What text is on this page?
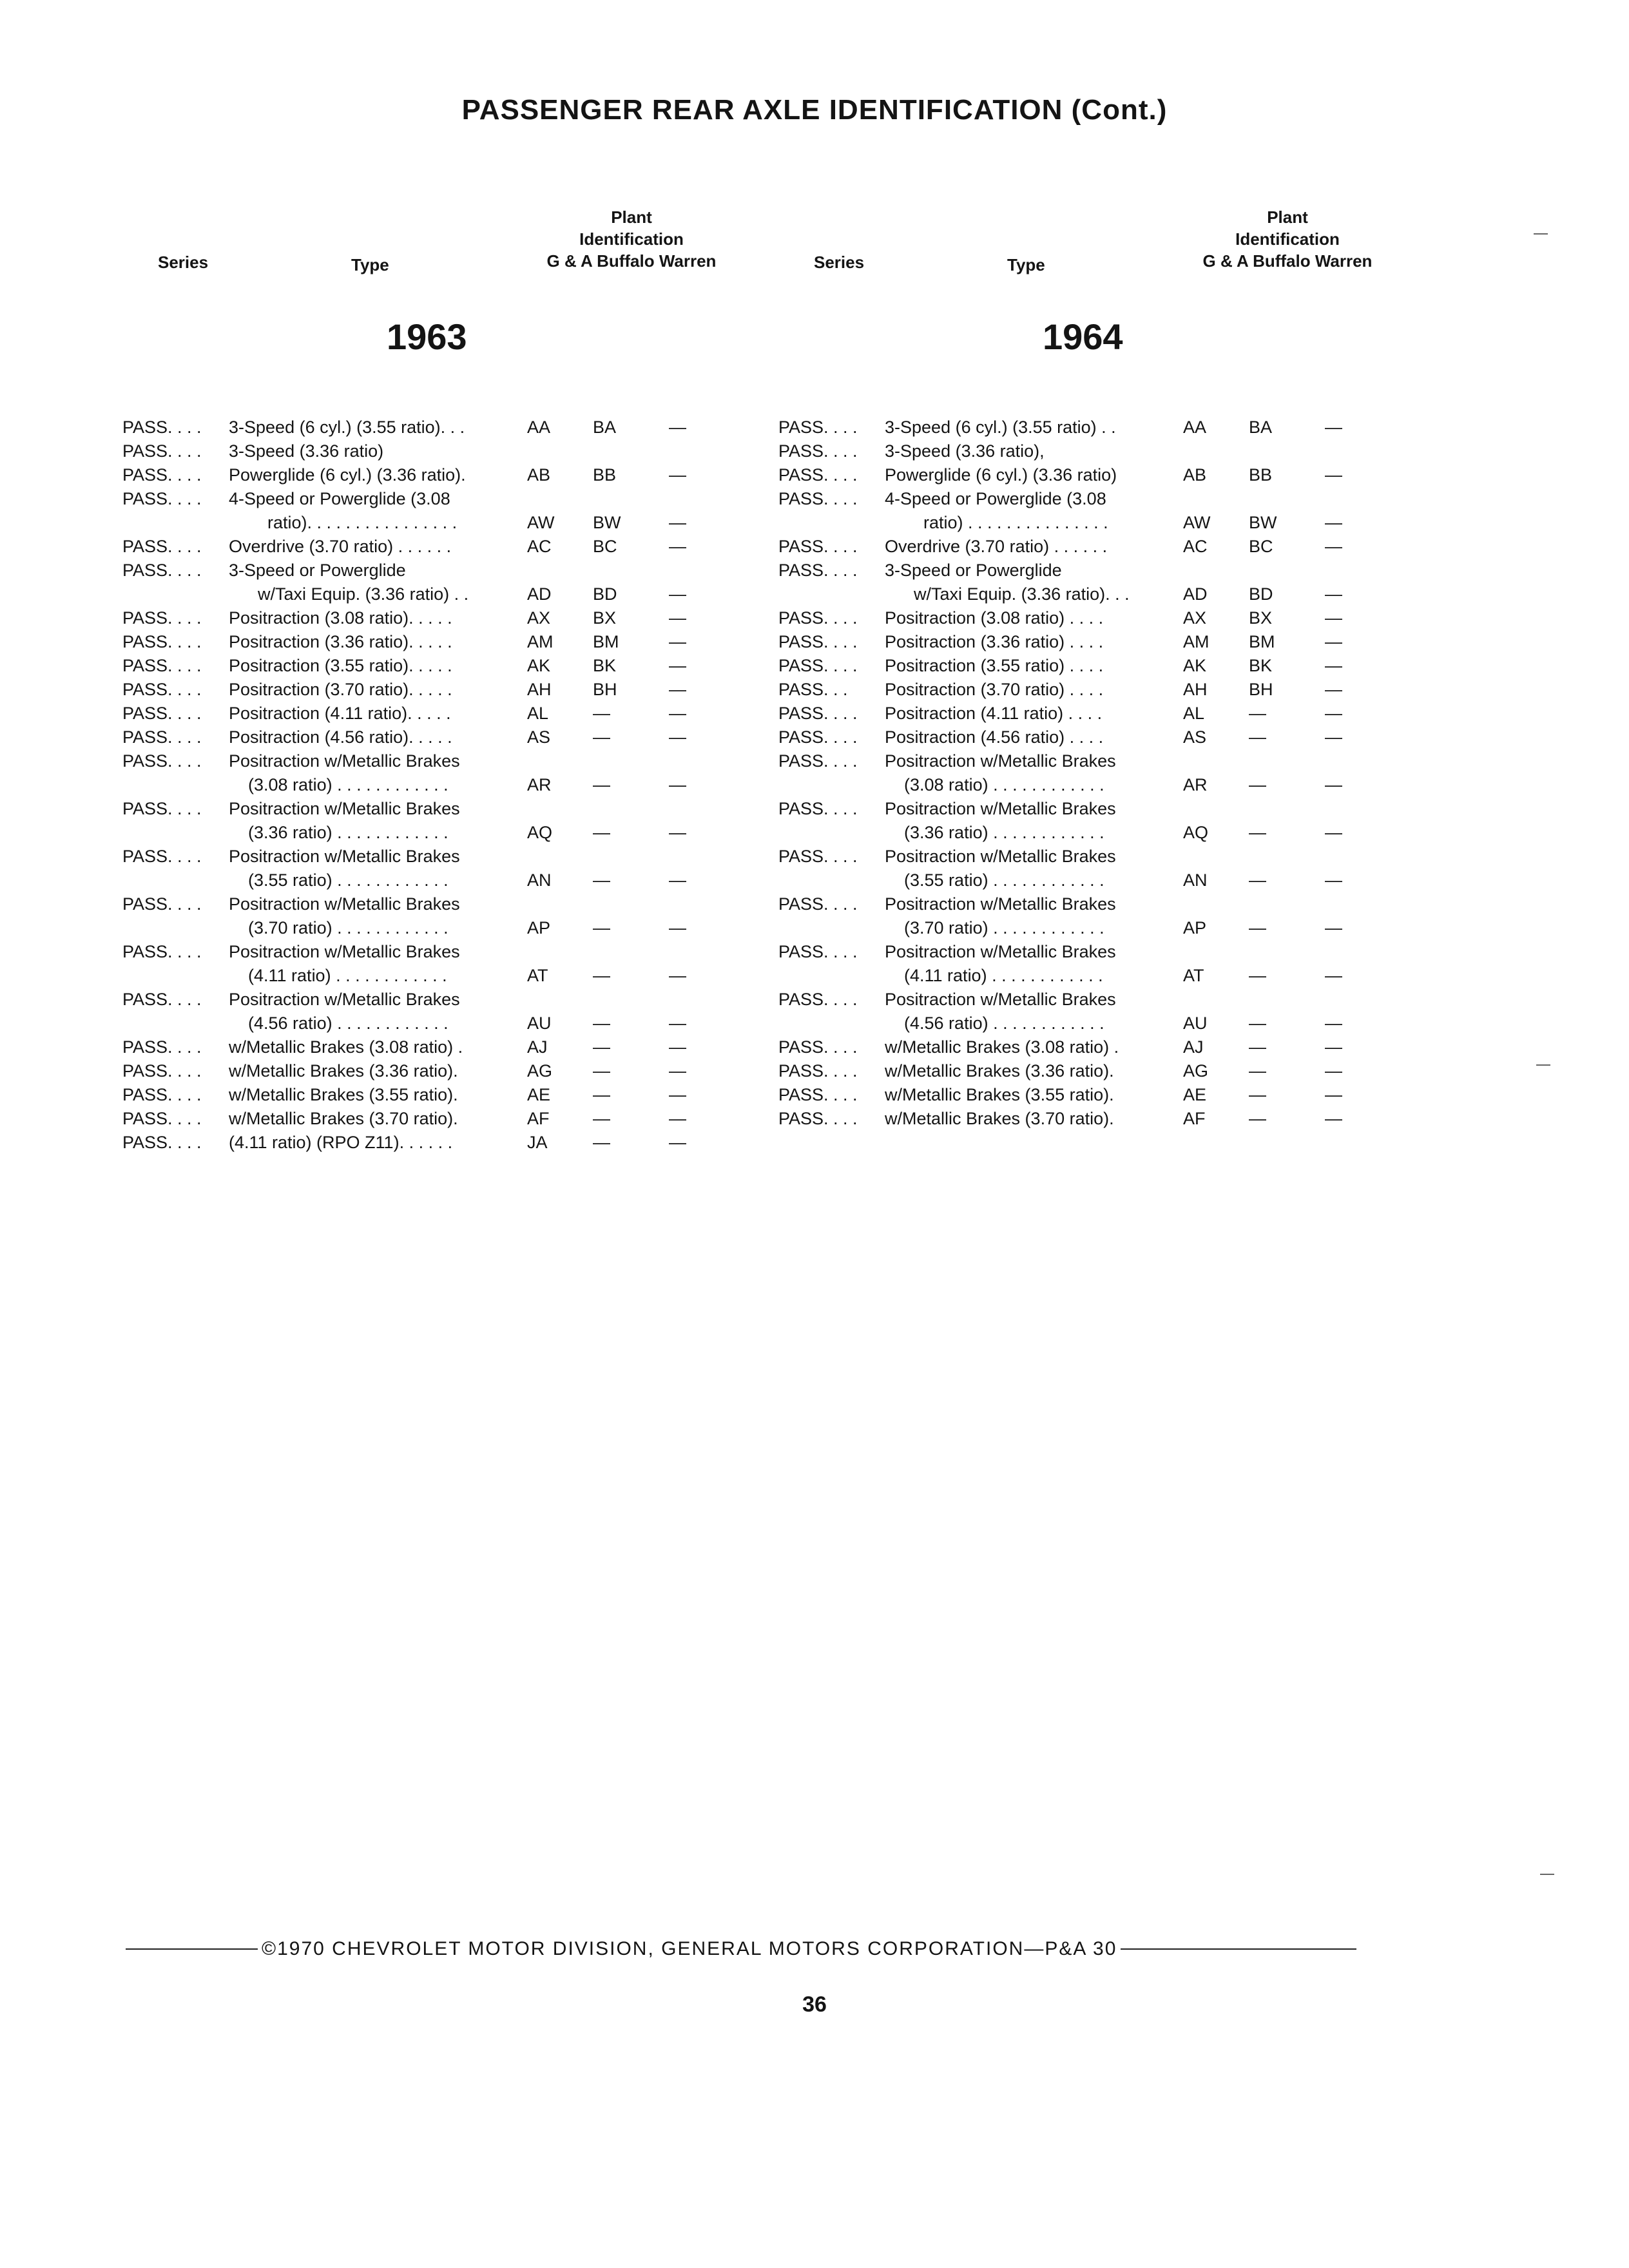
PASSENGER REAR AXLE IDENTIFICATION (Cont.)
Series	Type
Plant
Identification
G & A Buffalo Warren
1963
PASS. . . .	3-Speed (6 cyl.) (3.55 ratio). . .	AA	BA	—
PASS. . . .	3-Speed (3.36 ratio)
PASS. . . .	Powerglide (6 cyl.) (3.36 ratio).	AB	BB	—
PASS. . . .	4-Speed or Powerglide (3.08
ratio). . . . . . . . . . . . . . . .	AW	BW	—
PASS. . . .	Overdrive (3.70 ratio) . . . . . .	AC	BC	—
PASS. . . .	3-Speed or Powerglide
w/Taxi Equip. (3.36 ratio) . .	AD	BD	—
PASS. . . .	Positraction (3.08 ratio). . . . .	AX	BX	—
PASS. . . .	Positraction (3.36 ratio). . . . .	AM	BM	—
PASS. . . .	Positraction (3.55 ratio). . . . .	AK	BK	—
PASS. . . .	Positraction (3.70 ratio). . . . .	AH	BH	—
PASS. . . .	Positraction (4.11 ratio). . . . .	AL	—	—
PASS. . . .	Positraction (4.56 ratio). . . . .	AS	—	—
PASS. . . .	Positraction w/Metallic Brakes
(3.08 ratio) . . . . . . . . . . . .	AR	—	—
PASS. . . .	Positraction w/Metallic Brakes
(3.36 ratio) . . . . . . . . . . . .	AQ	—	—
PASS. . . .	Positraction w/Metallic Brakes
(3.55 ratio) . . . . . . . . . . . .	AN	—	—
PASS. . . .	Positraction w/Metallic Brakes
(3.70 ratio) . . . . . . . . . . . .	AP	—	—
PASS. . . .	Positraction w/Metallic Brakes
(4.11 ratio) . . . . . . . . . . . .	AT	—	—
PASS. . . .	Positraction w/Metallic Brakes
(4.56 ratio) . . . . . . . . . . . .	AU	—	—
PASS. . . .	w/Metallic Brakes (3.08 ratio) .	AJ	—	—
PASS. . . .	w/Metallic Brakes (3.36 ratio).	AG	—	—
PASS. . . .	w/Metallic Brakes (3.55 ratio).	AE	—	—
PASS. . . .	w/Metallic Brakes (3.70 ratio).	AF	—	—
PASS. . . .	(4.11 ratio) (RPO Z11). . . . . .	JA	—	—
Series	Type
Plant
Identification
G & A Buffalo Warren
1964
PASS. . . .	3-Speed (6 cyl.) (3.55 ratio) . .	AA	BA	—
PASS. . . .	3-Speed (3.36 ratio),
PASS. . . .	Powerglide (6 cyl.) (3.36 ratio)	AB	BB	—
PASS. . . .	4-Speed or Powerglide (3.08
ratio) . . . . . . . . . . . . . . .	AW	BW	—
PASS. . . .	Overdrive (3.70 ratio) . . . . . .	AC	BC	—
PASS. . . .	3-Speed or Powerglide
w/Taxi Equip. (3.36 ratio). . .	AD	BD	—
PASS. . . .	Positraction (3.08 ratio) . . . .	AX	BX	—
PASS. . . .	Positraction (3.36 ratio) . . . .	AM	BM	—
PASS. . . .	Positraction (3.55 ratio) . . . .	AK	BK	—
PASS. . .	Positraction (3.70 ratio) . . . .	AH	BH	—
PASS. . . .	Positraction (4.11 ratio) . . . .	AL	—	—
PASS. . . .	Positraction (4.56 ratio) . . . .	AS	—	—
PASS. . . .	Positraction w/Metallic Brakes
(3.08 ratio) . . . . . . . . . . . .	AR	—	—
PASS. . . .	Positraction w/Metallic Brakes
(3.36 ratio) . . . . . . . . . . . .	AQ	—	—
PASS. . . .	Positraction w/Metallic Brakes
(3.55 ratio) . . . . . . . . . . . .	AN	—	—
PASS. . . .	Positraction w/Metallic Brakes
(3.70 ratio) . . . . . . . . . . . .	AP	—	—
PASS. . . .	Positraction w/Metallic Brakes
(4.11 ratio) . . . . . . . . . . . .	AT	—	—
PASS. . . .	Positraction w/Metallic Brakes
(4.56 ratio) . . . . . . . . . . . .	AU	—	—
PASS. . . .	w/Metallic Brakes (3.08 ratio) .	AJ	—	—
PASS. . . .	w/Metallic Brakes (3.36 ratio).	AG	—	—
PASS. . . .	w/Metallic Brakes (3.55 ratio).	AE	—	—
PASS. . . .	w/Metallic Brakes (3.70 ratio).	AF	—	—
©1970 CHEVROLET MOTOR DIVISION, GENERAL MOTORS CORPORATION—P&A 30
36
